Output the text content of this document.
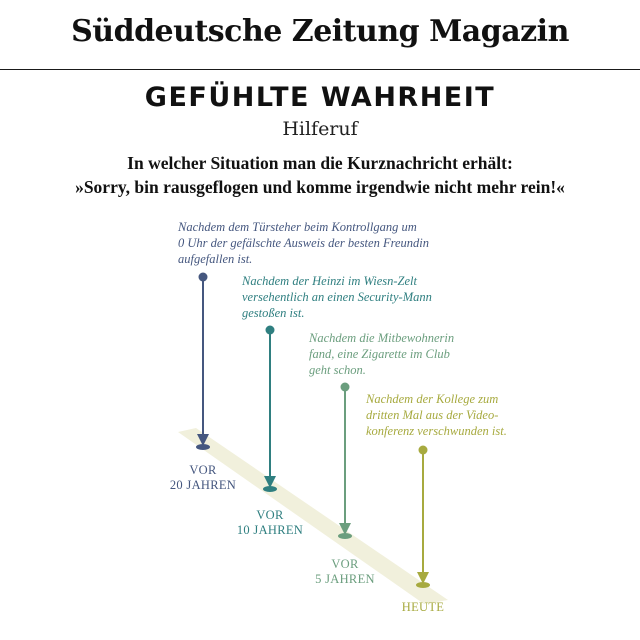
Süddeutsche Zeitung Magazin
GEFÜHLTE WAHRHEIT
Hilferuf
In welcher Situation man die Kurznachricht erhält:
»Sorry, bin rausgeflogen und komme irgendwie nicht mehr rein!«
Nachdem dem Türsteher beim Kontrollgang um
0 Uhr der gefälschte Ausweis der besten Freundin
aufgefallen ist.
Nachdem der Heinzi im Wiesn-Zelt
versehentlich an einen Security-Mann
gestoßen ist.
Nachdem die Mitbewohnerin
fand, eine Zigarette im Club
geht schon.
Nachdem der Kollege zum
dritten Mal aus der Video-
konferenz verschwunden ist.
VOR
20 JAHREN
VOR
10 JAHREN
VOR
5 JAHREN
HEUTE
